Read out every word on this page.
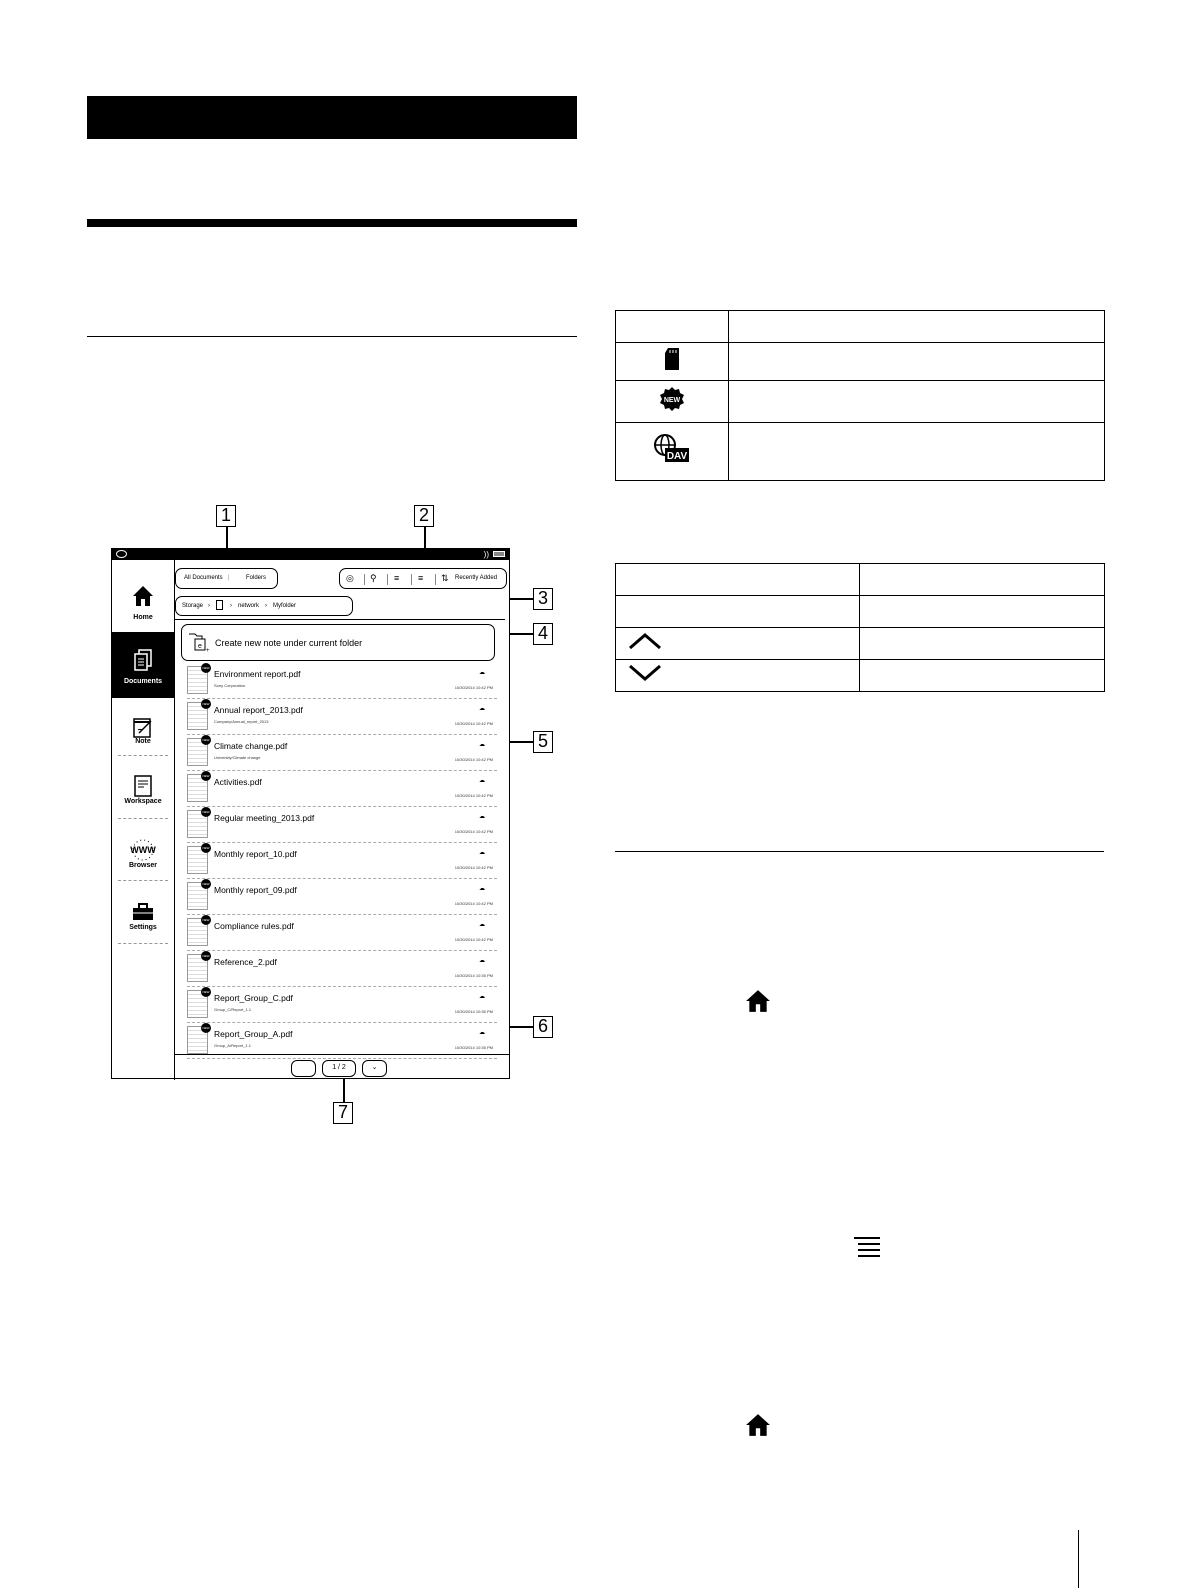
1	2
3
4
5
6
7
))
Home
Documents
Note
Workspace
WWW
Browser
Settings
All Documents |	Folders	◎ ⚲ ≡ ≡ ⇅ Recently Added
Storage ›	› network › Myfolder
e
+
Create new note under current folder
NEW
Environment report.pdf
Sony Corporation
☁
10/30/2014 10:42 PM
NEW
Annual report_2013.pdf
Company/Annual_report_2013
☁
10/30/2014 10:42 PM
NEW
Climate change.pdf
University/Climate change
☁
10/30/2014 10:42 PM
NEW
Activities.pdf	☁
10/30/2014 10:42 PM
NEW
Regular meeting_2013.pdf	☁
10/30/2014 10:42 PM
NEW
Monthly report_10.pdf	☁
10/30/2014 10:42 PM
NEW
Monthly report_09.pdf	☁
10/30/2014 10:42 PM
NEW
Compliance rules.pdf	☁
10/30/2014 10:42 PM
NEW
Reference_2.pdf	☁
10/30/2014 10:35 PM
NEW
Report_Group_C.pdf
Group_C/Report_1.1
☁
10/30/2014 10:35 PM
NEW
Report_Group_A.pdf
Group_A/Report_1.1
☁
10/30/2014 10:35 PM
1 / 2	⌄

NEW	

DAV	
